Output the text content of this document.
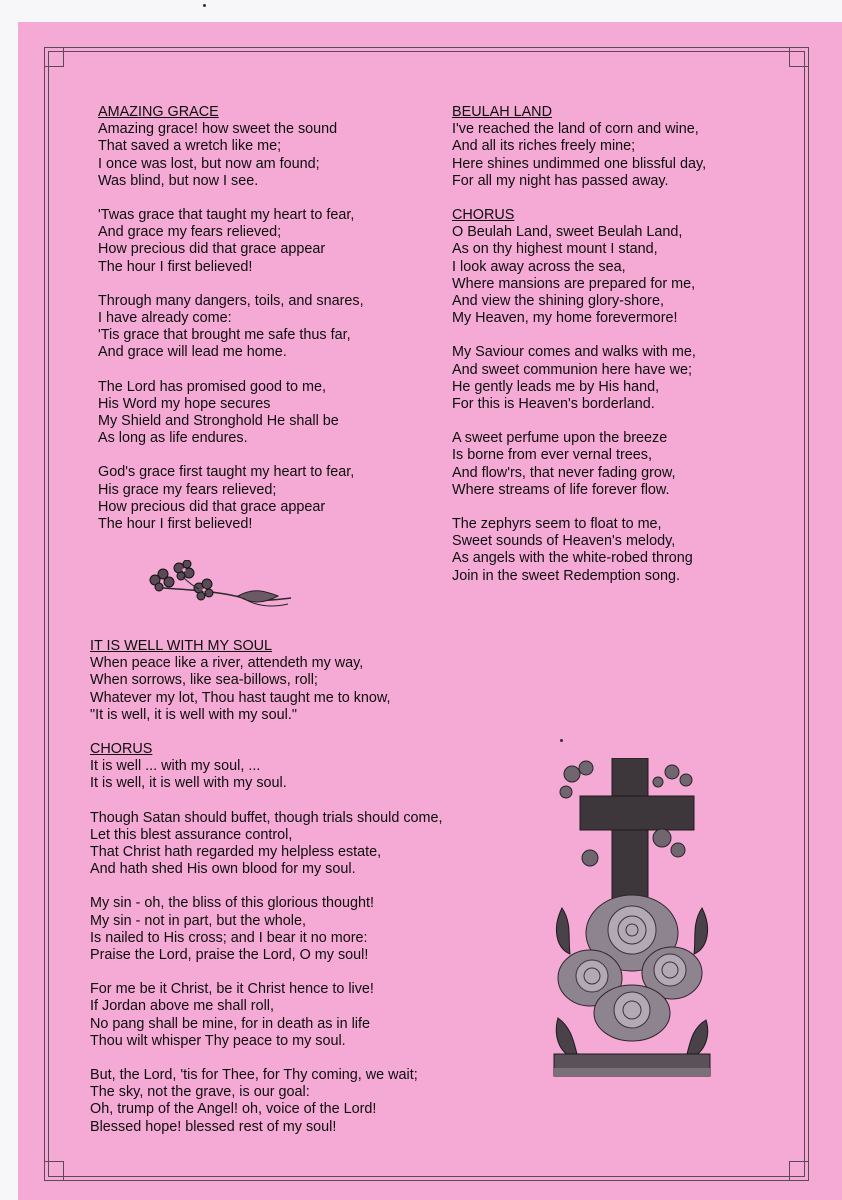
AMAZING GRACE
Amazing grace! how sweet the sound
That saved a wretch like me;
I once was lost, but now am found;
Was blind, but now I see.
'Twas grace that taught my heart to fear,
And grace my fears relieved;
How precious did that grace appear
The hour I first believed!
Through many dangers, toils, and snares,
I have already come:
'Tis grace that brought me safe thus far,
And grace will lead me home.
The Lord has promised good to me,
His Word my hope secures
My Shield and Stronghold He shall be
As long as life endures.
God's grace first taught my heart to fear,
His grace my fears relieved;
How precious did that grace appear
The hour I first believed!
BEULAH LAND
I've reached the land of corn and wine,
And all its riches freely mine;
Here shines undimmed one blissful day,
For all my night has passed away.
CHORUS
O Beulah Land, sweet Beulah Land,
As on thy highest mount I stand,
I look away across the sea,
Where mansions are prepared for me,
And view the shining glory-shore,
My Heaven, my home forevermore!
My Saviour comes and walks with me,
And sweet communion here have we;
He gently leads me by His hand,
For this is Heaven's borderland.
A sweet perfume upon the breeze
Is borne from ever vernal trees,
And flow'rs, that never fading grow,
Where streams of life forever flow.
The zephyrs seem to float to me,
Sweet sounds of Heaven's melody,
As angels with the white-robed throng
Join in the sweet Redemption song.
IT IS WELL WITH MY SOUL
When peace like a river, attendeth my way,
When sorrows, like sea-billows, roll;
Whatever my lot, Thou hast taught me to know,
"It is well, it is well with my soul."
CHORUS
It is well ... with my soul, ...
It is well, it is well with my soul.
Though Satan should buffet, though trials should come,
Let this blest assurance control,
That Christ hath regarded my helpless estate,
And hath shed His own blood for my soul.
My sin - oh, the bliss of this glorious thought!
My sin - not in part, but the whole,
Is nailed to His cross; and I bear it no more:
Praise the Lord, praise the Lord, O my soul!
For me be it Christ, be it Christ hence to live!
If Jordan above me shall roll,
No pang shall be mine, for in death as in life
Thou wilt whisper Thy peace to my soul.
But, the Lord, 'tis for Thee, for Thy coming, we wait;
The sky, not the grave, is our goal:
Oh, trump of the Angel! oh, voice of the Lord!
Blessed hope! blessed rest of my soul!
